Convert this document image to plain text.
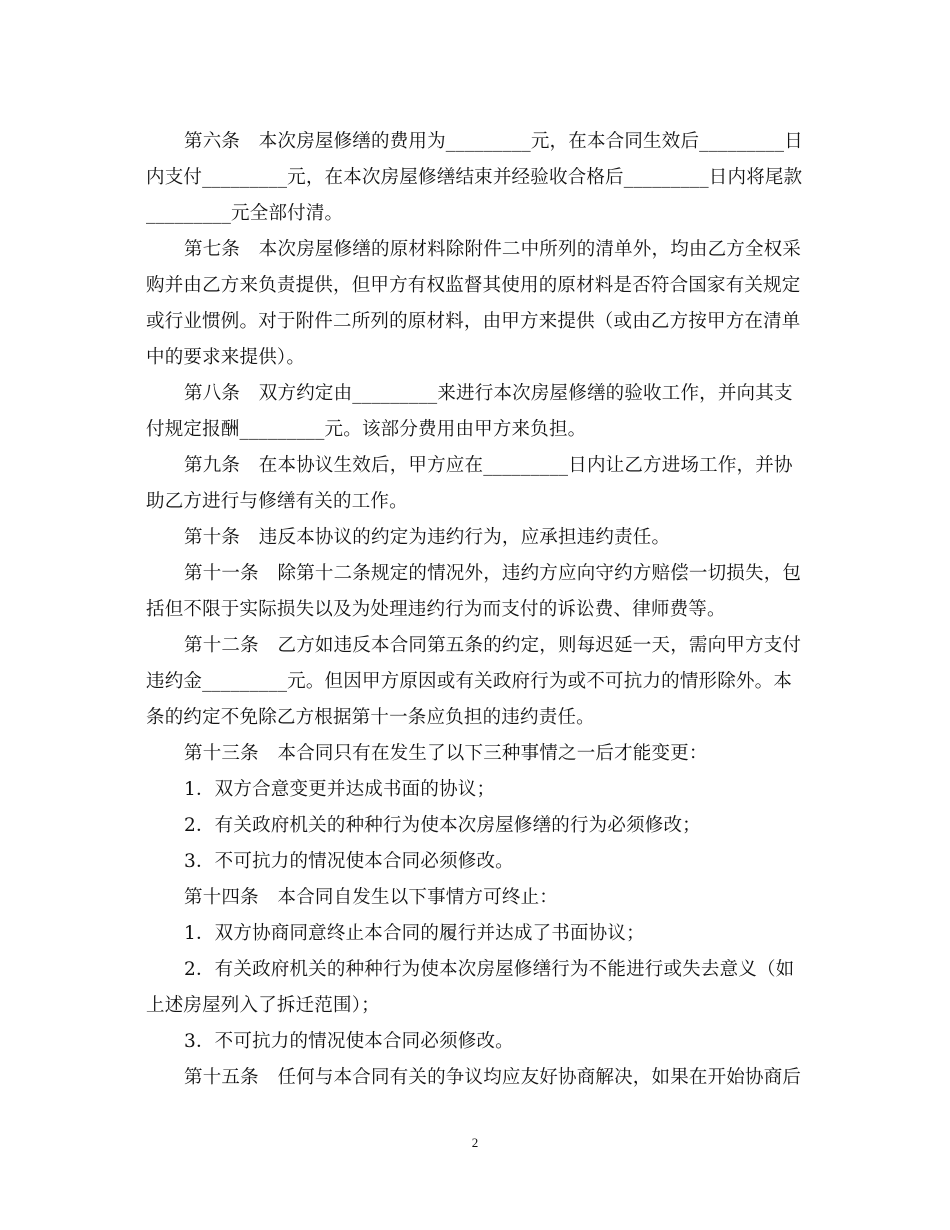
第六条　本次房屋修缮的费用为_________元，在本合同生效后_________日
内支付_________元，在本次房屋修缮结束并经验收合格后_________日内将尾款
_________元全部付清。
第七条　本次房屋修缮的原材料除附件二中所列的清单外，均由乙方全权采
购并由乙方来负责提供，但甲方有权监督其使用的原材料是否符合国家有关规定
或行业惯例。对于附件二所列的原材料，由甲方来提供（或由乙方按甲方在清单
中的要求来提供）。
第八条　双方约定由_________来进行本次房屋修缮的验收工作，并向其支
付规定报酬_________元。该部分费用由甲方来负担。
第九条　在本协议生效后，甲方应在_________日内让乙方进场工作，并协
助乙方进行与修缮有关的工作。
第十条　违反本协议的约定为违约行为，应承担违约责任。
第十一条　除第十二条规定的情况外，违约方应向守约方赔偿一切损失，包
括但不限于实际损失以及为处理违约行为而支付的诉讼费、律师费等。
第十二条　乙方如违反本合同第五条的约定，则每迟延一天，需向甲方支付
违约金_________元。但因甲方原因或有关政府行为或不可抗力的情形除外。本
条的约定不免除乙方根据第十一条应负担的违约责任。
第十三条　本合同只有在发生了以下三种事情之一后才能变更：
1．双方合意变更并达成书面的协议；
2．有关政府机关的种种行为使本次房屋修缮的行为必须修改；
3．不可抗力的情况使本合同必须修改。
第十四条　本合同自发生以下事情方可终止：
1．双方协商同意终止本合同的履行并达成了书面协议；
2．有关政府机关的种种行为使本次房屋修缮行为不能进行或失去意义（如
上述房屋列入了拆迁范围）；
3．不可抗力的情况使本合同必须修改。
第十五条　任何与本合同有关的争议均应友好协商解决，如果在开始协商后
2
